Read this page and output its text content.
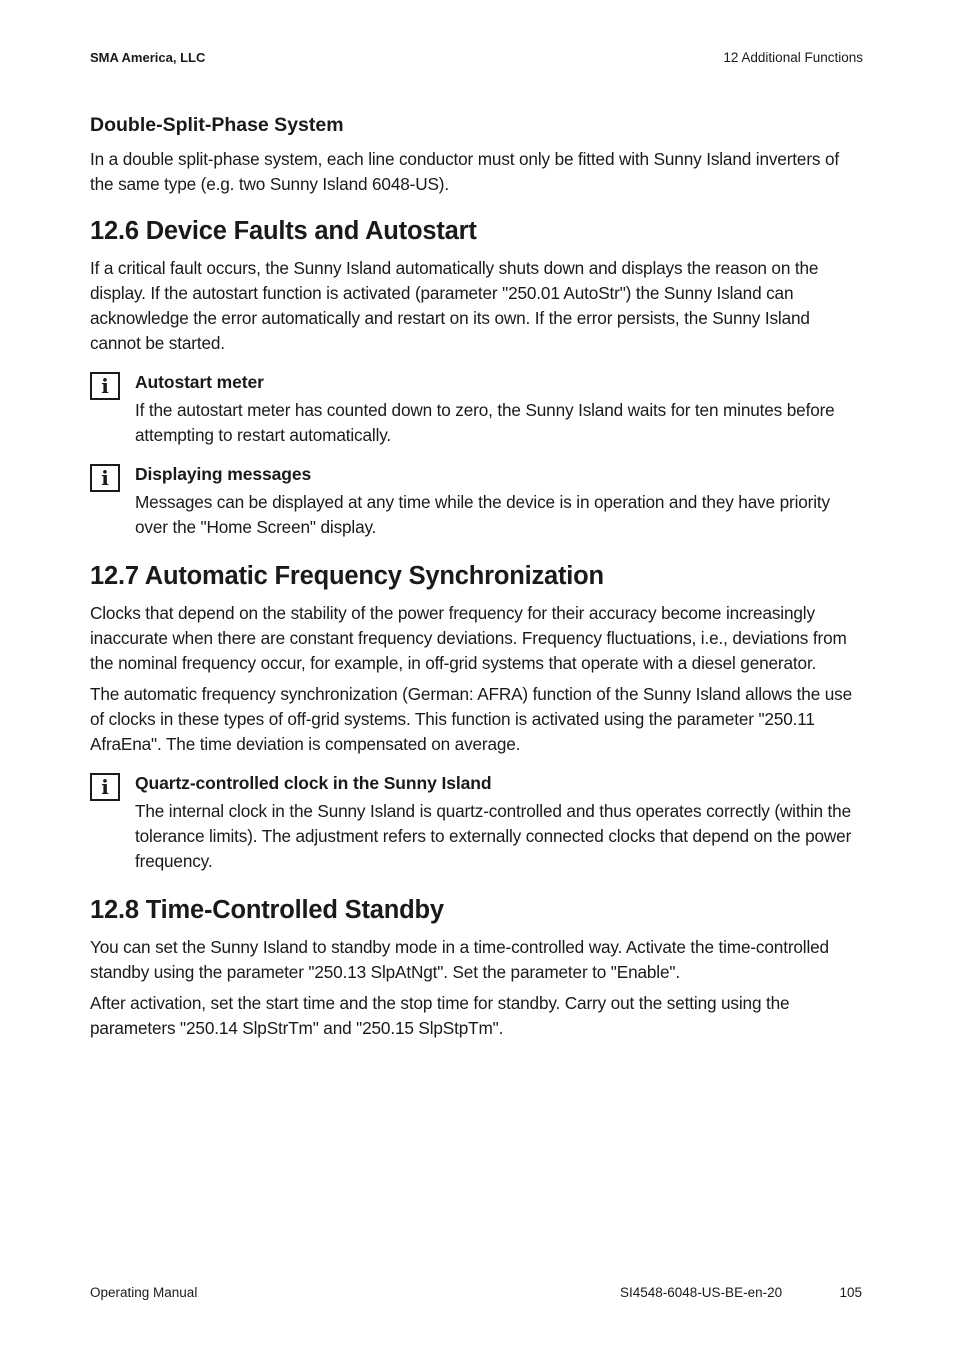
SMA America, LLC	12 Additional Functions
Double-Split-Phase System

In a double split-phase system, each line conductor must only be fitted with Sunny Island inverters of the same type (e.g. two Sunny Island 6048-US).

12.6 Device Faults and Autostart

If a critical fault occurs, the Sunny Island automatically shuts down and displays the reason on the display. If the autostart function is activated (parameter "250.01 AutoStr") the Sunny Island can acknowledge the error automatically and restart on its own. If the error persists, the Sunny Island cannot be started.

i	Autostart meter

If the autostart meter has counted down to zero, the Sunny Island waits for ten minutes before attempting to restart automatically.

i	Displaying messages

Messages can be displayed at any time while the device is in operation and they have priority over the "Home Screen" display.

12.7 Automatic Frequency Synchronization

Clocks that depend on the stability of the power frequency for their accuracy become increasingly inaccurate when there are constant frequency deviations. Frequency fluctuations, i.e., deviations from the nominal frequency occur, for example, in off-grid systems that operate with a diesel generator.

The automatic frequency synchronization (German: AFRA) function of the Sunny Island allows the use of clocks in these types of off-grid systems. This function is activated using the parameter "250.11 AfraEna". The time deviation is compensated on average.

i	Quartz-controlled clock in the Sunny Island

The internal clock in the Sunny Island is quartz-controlled and thus operates correctly (within the tolerance limits). The adjustment refers to externally connected clocks that depend on the power frequency.

12.8 Time-Controlled Standby

You can set the Sunny Island to standby mode in a time-controlled way. Activate the time-controlled standby using the parameter "250.13 SlpAtNgt". Set the parameter to "Enable".

After activation, set the start time and the stop time for standby. Carry out the setting using the parameters "250.14 SlpStrTm" and "250.15 SlpStpTm".

Operating Manual	SI4548-6048-US-BE-en-20	105
